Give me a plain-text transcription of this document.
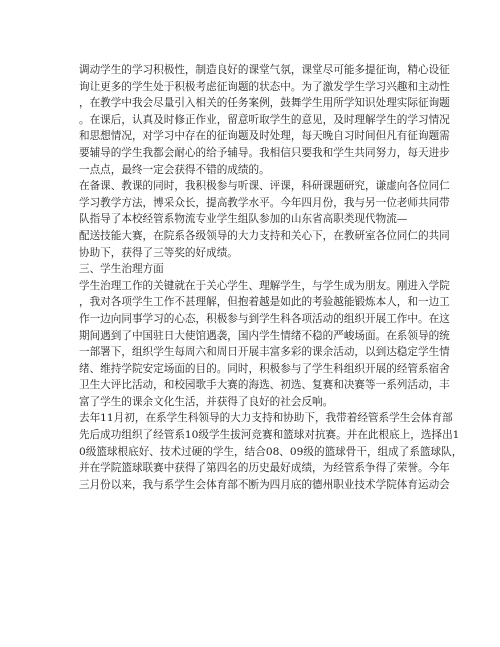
调动学生的学习积极性，制造良好的课堂气氛，课堂尽可能多提征询，精心设征
询让更多的学生处于积极考虑征询题的状态中。为了激发学生学习兴趣和主动性
，在教学中我会尽量引入相关的任务案例，鼓舞学生用所学知识处理实际征询题
。在课后，认真及时修正作业，留意听取学生的意见，及时理解学生的学习情况
和思想情况，对学习中存在的征询题及时处理，每天晚自习时间但凡有征询题需
要辅导的学生我都会耐心的给予辅导。我相信只要我和学生共同努力，每天进步
一点点，最终一定会获得不错的成绩的。
在备课、教课的同时，我积极参与听课、评课，科研课题研究，谦虚向各位同仁
学习教学方法，博采众长，提高教学水平。今年四月份，我与另一位老师共同带
队指导了本校经管系物流专业学生组队参加的山东省高职类现代物流—
配送技能大赛，在院系各级领导的大力支持和关心下，在教研室各位同仁的共同
协助下，获得了三等奖的好成绩。
三、学生治理方面
学生治理工作的关键就在于关心学生、理解学生，与学生成为朋友。刚进入学院
，我对各项学生工作不甚理解，但抱着越是如此的考验越能锻炼本人，和一边工
作一边向同事学习的心态，积极参与到学生科各项活动的组织开展工作中。在这
期间遇到了中国驻日大使馆遇袭，国内学生情绪不稳的严峻场面。在系领导的统
一部署下，组织学生每周六和周日开展丰富多彩的课余活动，以到达稳定学生情
绪、维持学院安定场面的目的。同时，积极参与了学生科组织开展的经管系宿舍
卫生大评比活动，和校园歌手大赛的海选、初选、复赛和决赛等一系列活动，丰
富了学生的课余文化生活，并获得了良好的社会反响。
去年11月初，在系学生科领导的大力支持和协助下，我带着经管系学生会体育部
先后成功组织了经管系10级学生拔河竞赛和篮球对抗赛。并在此根底上，选择出1
0级篮球根底好、技术过硬的学生，结合08、09级的篮球骨干，组成了系篮球队，
并在学院篮球联赛中获得了第四名的历史最好成绩，为经管系争得了荣誉。今年
三月份以来，我与系学生会体育部不断为四月底的德州职业技术学院体育运动会
